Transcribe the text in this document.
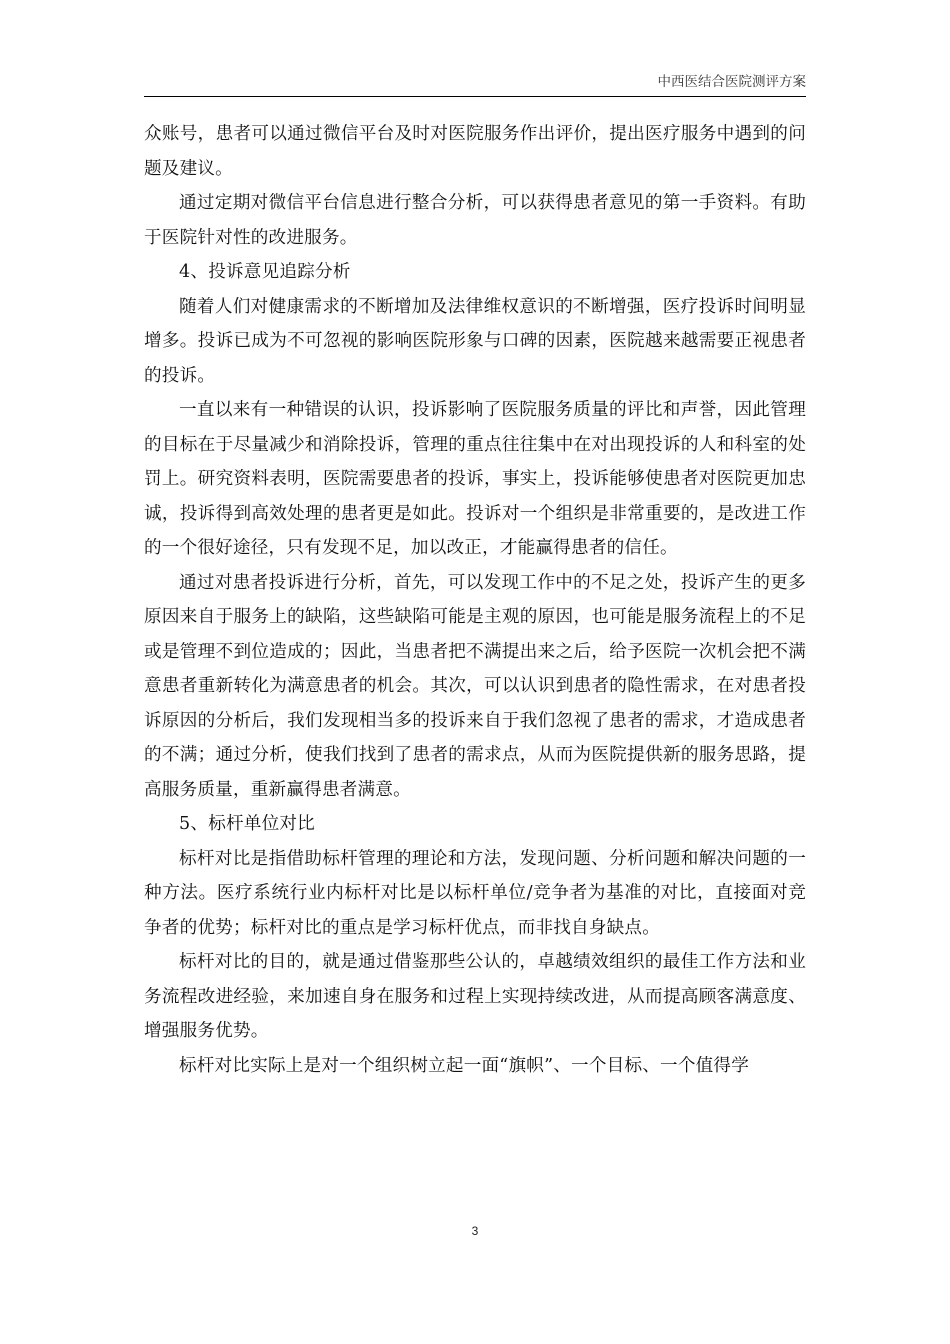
中西医结合医院测评方案

众账号，患者可以通过微信平台及时对医院服务作出评价，提出医疗服务中遇到的问题及建议。

通过定期对微信平台信息进行整合分析，可以获得患者意见的第一手资料。有助于医院针对性的改进服务。

4、投诉意见追踪分析

随着人们对健康需求的不断增加及法律维权意识的不断增强，医疗投诉时间明显增多。投诉已成为不可忽视的影响医院形象与口碑的因素，医院越来越需要正视患者的投诉。

一直以来有一种错误的认识，投诉影响了医院服务质量的评比和声誉，因此管理的目标在于尽量减少和消除投诉，管理的重点往往集中在对出现投诉的人和科室的处罚上。研究资料表明，医院需要患者的投诉，事实上，投诉能够使患者对医院更加忠诚，投诉得到高效处理的患者更是如此。投诉对一个组织是非常重要的，是改进工作的一个很好途径，只有发现不足，加以改正，才能赢得患者的信任。

通过对患者投诉进行分析，首先，可以发现工作中的不足之处，投诉产生的更多原因来自于服务上的缺陷，这些缺陷可能是主观的原因，也可能是服务流程上的不足或是管理不到位造成的；因此，当患者把不满提出来之后，给予医院一次机会把不满意患者重新转化为满意患者的机会。其次，可以认识到患者的隐性需求，在对患者投诉原因的分析后，我们发现相当多的投诉来自于我们忽视了患者的需求，才造成患者的不满；通过分析，使我们找到了患者的需求点，从而为医院提供新的服务思路，提高服务质量，重新赢得患者满意。

5、标杆单位对比

标杆对比是指借助标杆管理的理论和方法，发现问题、分析问题和解决问题的一种方法。医疗系统行业内标杆对比是以标杆单位/竞争者为基准的对比，直接面对竞争者的优势；标杆对比的重点是学习标杆优点，而非找自身缺点。

标杆对比的目的，就是通过借鉴那些公认的，卓越绩效组织的最佳工作方法和业务流程改进经验，来加速自身在服务和过程上实现持续改进，从而提高顾客满意度、增强服务优势。

标杆对比实际上是对一个组织树立起一面“旗帜”、一个目标、一个值得学

3
